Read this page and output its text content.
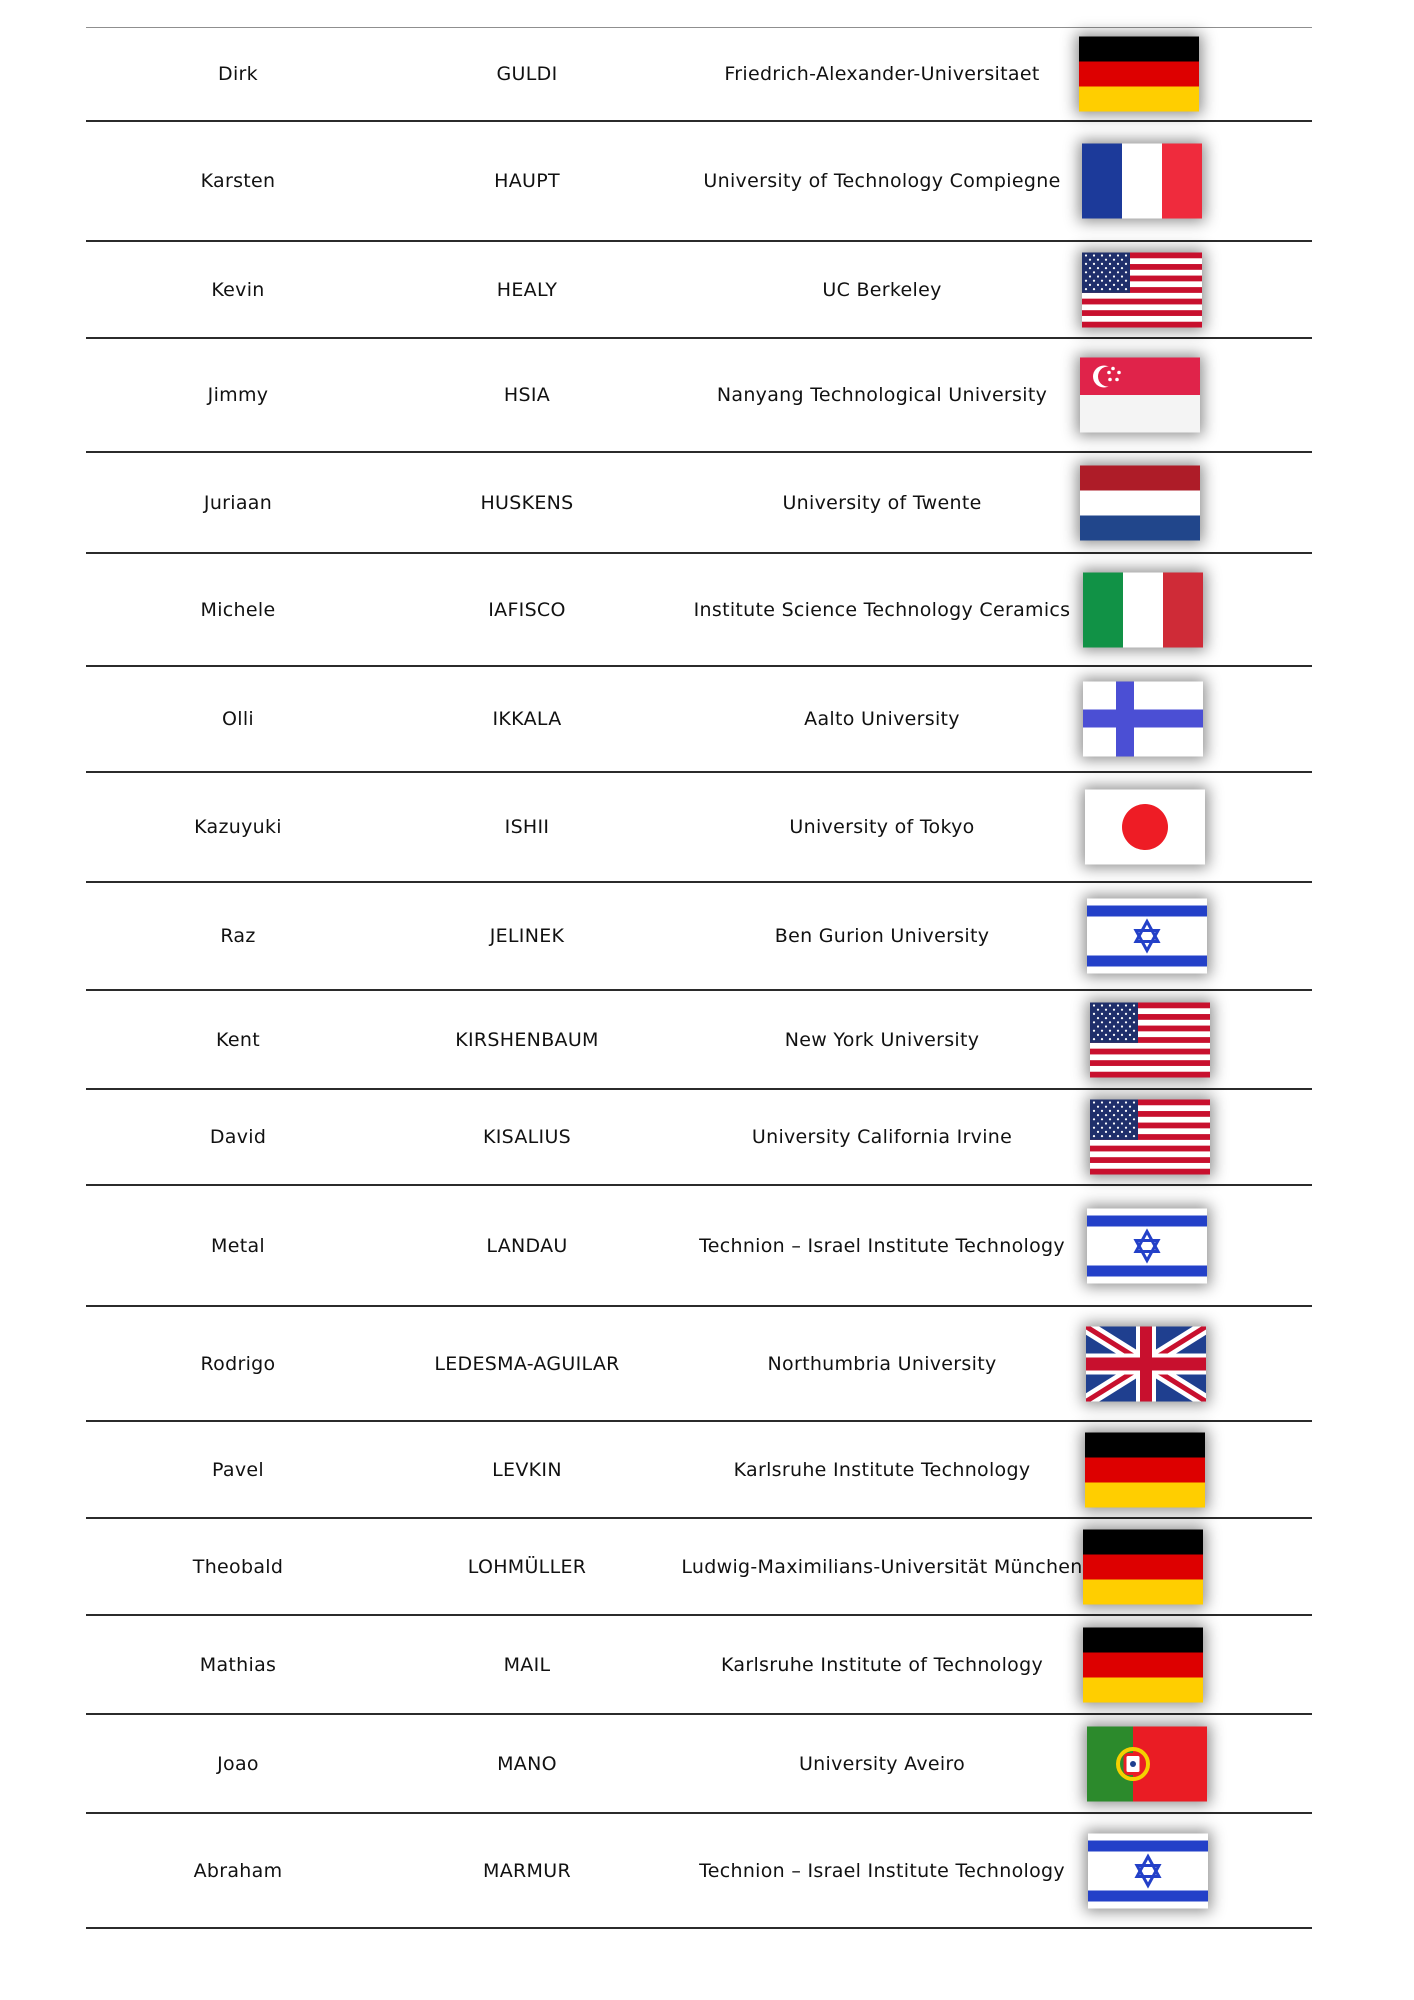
Dirk	GULDI	Friedrich-Alexander-Universitaet
Karsten	HAUPT	University of Technology Compiegne
Kevin	HEALY	UC Berkeley
Jimmy	HSIA	Nanyang Technological University
Juriaan	HUSKENS	University of Twente
Michele	IAFISCO	Institute Science Technology Ceramics
Olli	IKKALA	Aalto University
Kazuyuki	ISHII	University of Tokyo
Raz	JELINEK	Ben Gurion University
Kent	KIRSHENBAUM	New York University
David	KISALIUS	University California Irvine
Metal	LANDAU	Technion – Israel Institute Technology
Rodrigo	LEDESMA-AGUILAR	Northumbria University
Pavel	LEVKIN	Karlsruhe Institute Technology
Theobald	LOHMÜLLER	Ludwig-Maximilians-Universität München
Mathias	MAIL	Karlsruhe Institute of Technology
Joao	MANO	University Aveiro
Abraham	MARMUR	Technion – Israel Institute Technology
